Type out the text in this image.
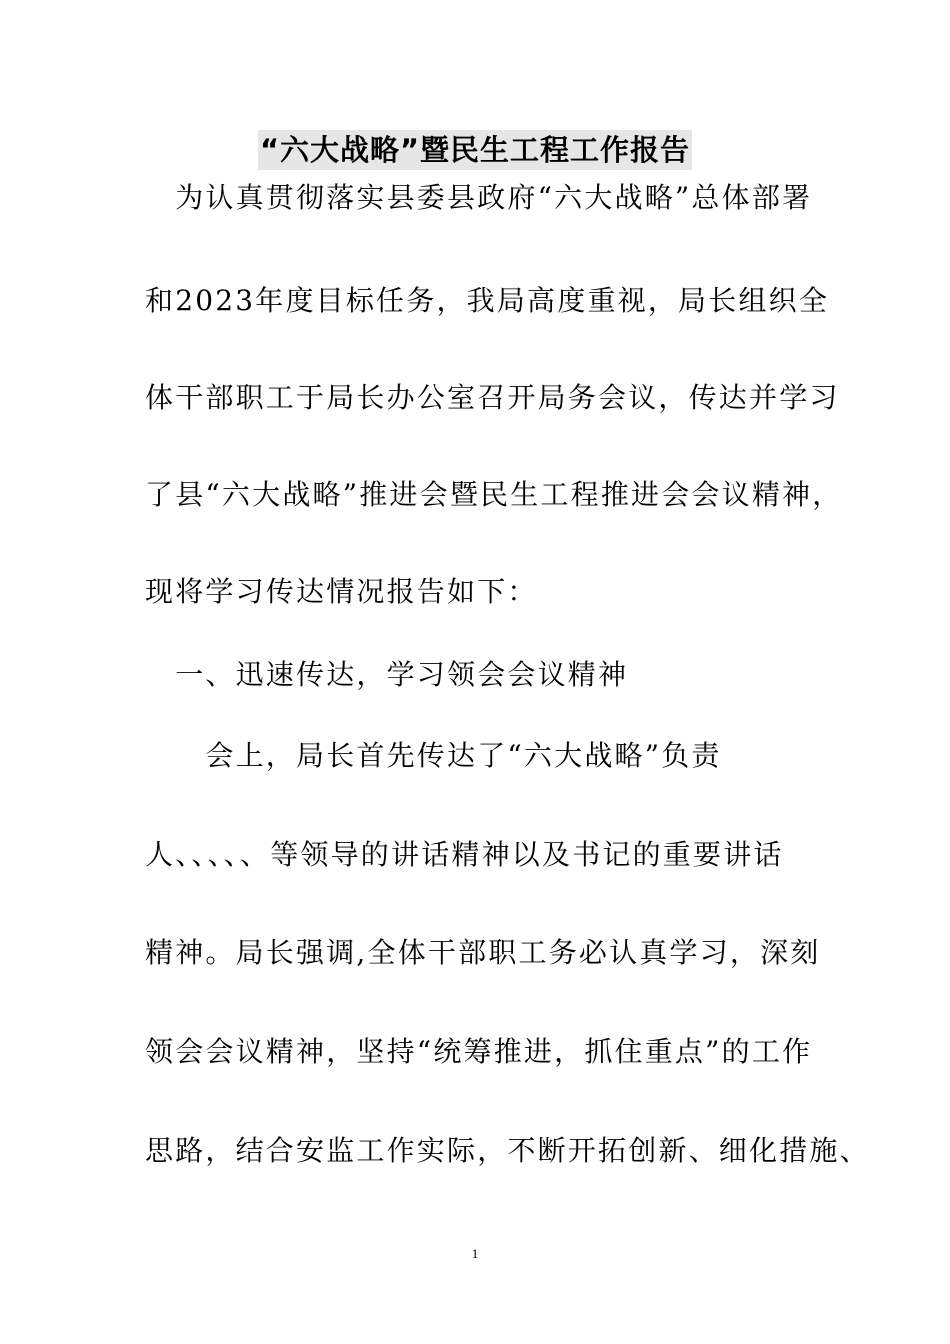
“六大战略”暨民生工程工作报告
　为认真贯彻落实县委县政府“六大战略”总体部署
和2023年度目标任务，我局高度重视，局长组织全
体干部职工于局长办公室召开局务会议，传达并学习
了县“六大战略”推进会暨民生工程推进会会议精神，
现将学习传达情况报告如下：
　一、迅速传达，学习领会会议精神
　　会上，局长首先传达了“六大战略”负责
人、、、、、等领导的讲话精神以及书记的重要讲话
精神。局长强调,全体干部职工务必认真学习，深刻
领会会议精神，坚持“统筹推进，抓住重点”的工作
思路，结合安监工作实际，不断开拓创新、细化措施、
1
